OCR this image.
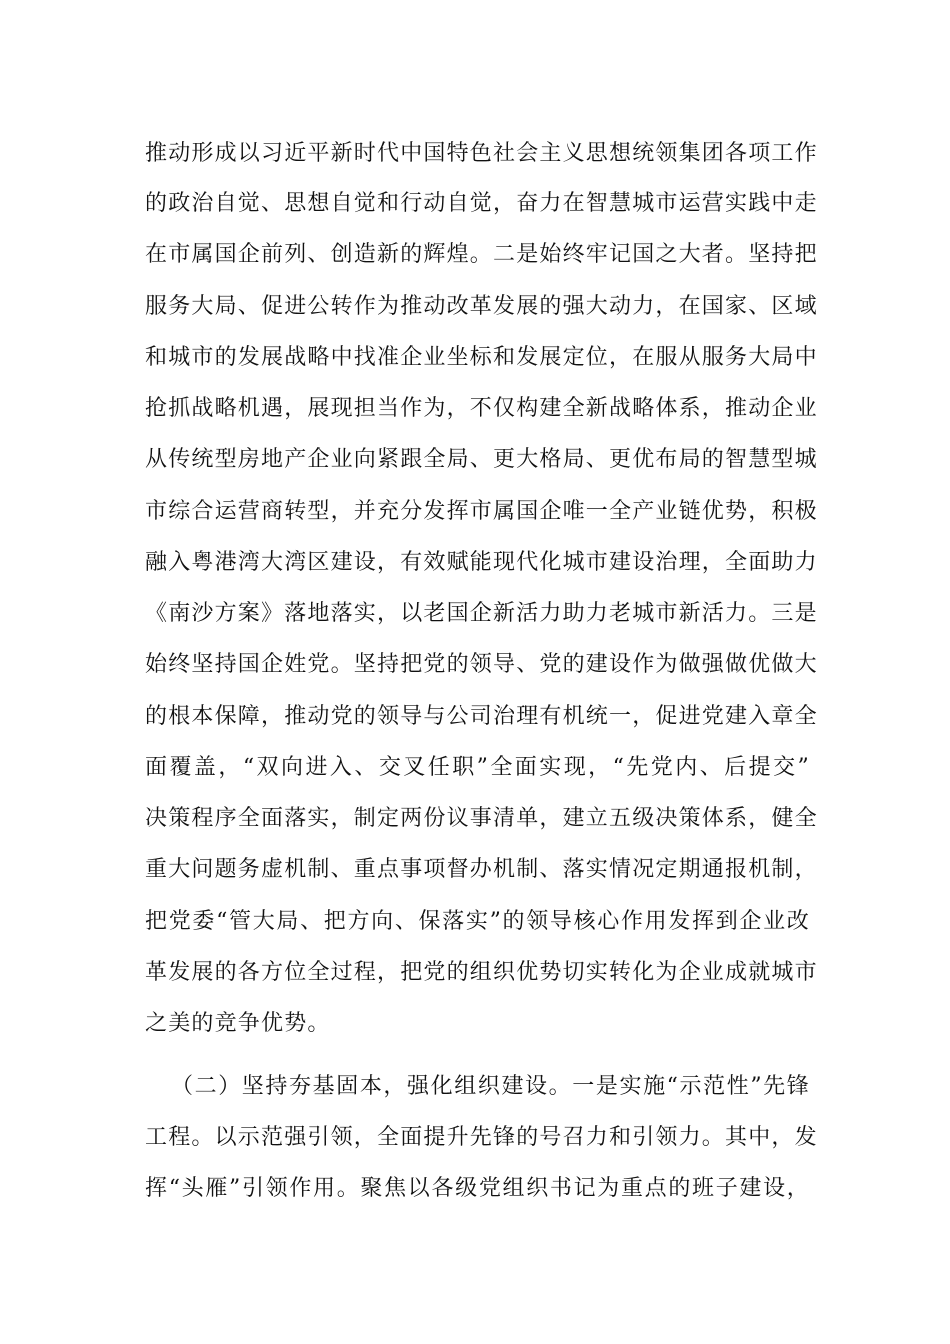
推动形成以习近平新时代中国特色社会主义思想统领集团各项工作
的政治自觉、思想自觉和行动自觉，奋力在智慧城市运营实践中走
在市属国企前列、创造新的辉煌。二是始终牢记国之大者。坚持把
服务大局、促进公转作为推动改革发展的强大动力，在国家、区域
和城市的发展战略中找准企业坐标和发展定位，在服从服务大局中
抢抓战略机遇，展现担当作为，不仅构建全新战略体系，推动企业
从传统型房地产企业向紧跟全局、更大格局、更优布局的智慧型城
市综合运营商转型，并充分发挥市属国企唯一全产业链优势，积极
融入粤港湾大湾区建设，有效赋能现代化城市建设治理，全面助力
《南沙方案》落地落实，以老国企新活力助力老城市新活力。三是
始终坚持国企姓党。坚持把党的领导、党的建设作为做强做优做大
的根本保障，推动党的领导与公司治理有机统一，促进党建入章全
面覆盖，“双向进入、交叉任职”全面实现，“先党内、后提交”
决策程序全面落实，制定两份议事清单，建立五级决策体系，健全
重大问题务虚机制、重点事项督办机制、落实情况定期通报机制，
把党委“管大局、把方向、保落实”的领导核心作用发挥到企业改
革发展的各方位全过程，把党的组织优势切实转化为企业成就城市
之美的竞争优势。
（二）坚持夯基固本，强化组织建设。一是实施“示范性”先锋
工程。以示范强引领，全面提升先锋的号召力和引领力。其中，发
挥“头雁”引领作用。聚焦以各级党组织书记为重点的班子建设，
